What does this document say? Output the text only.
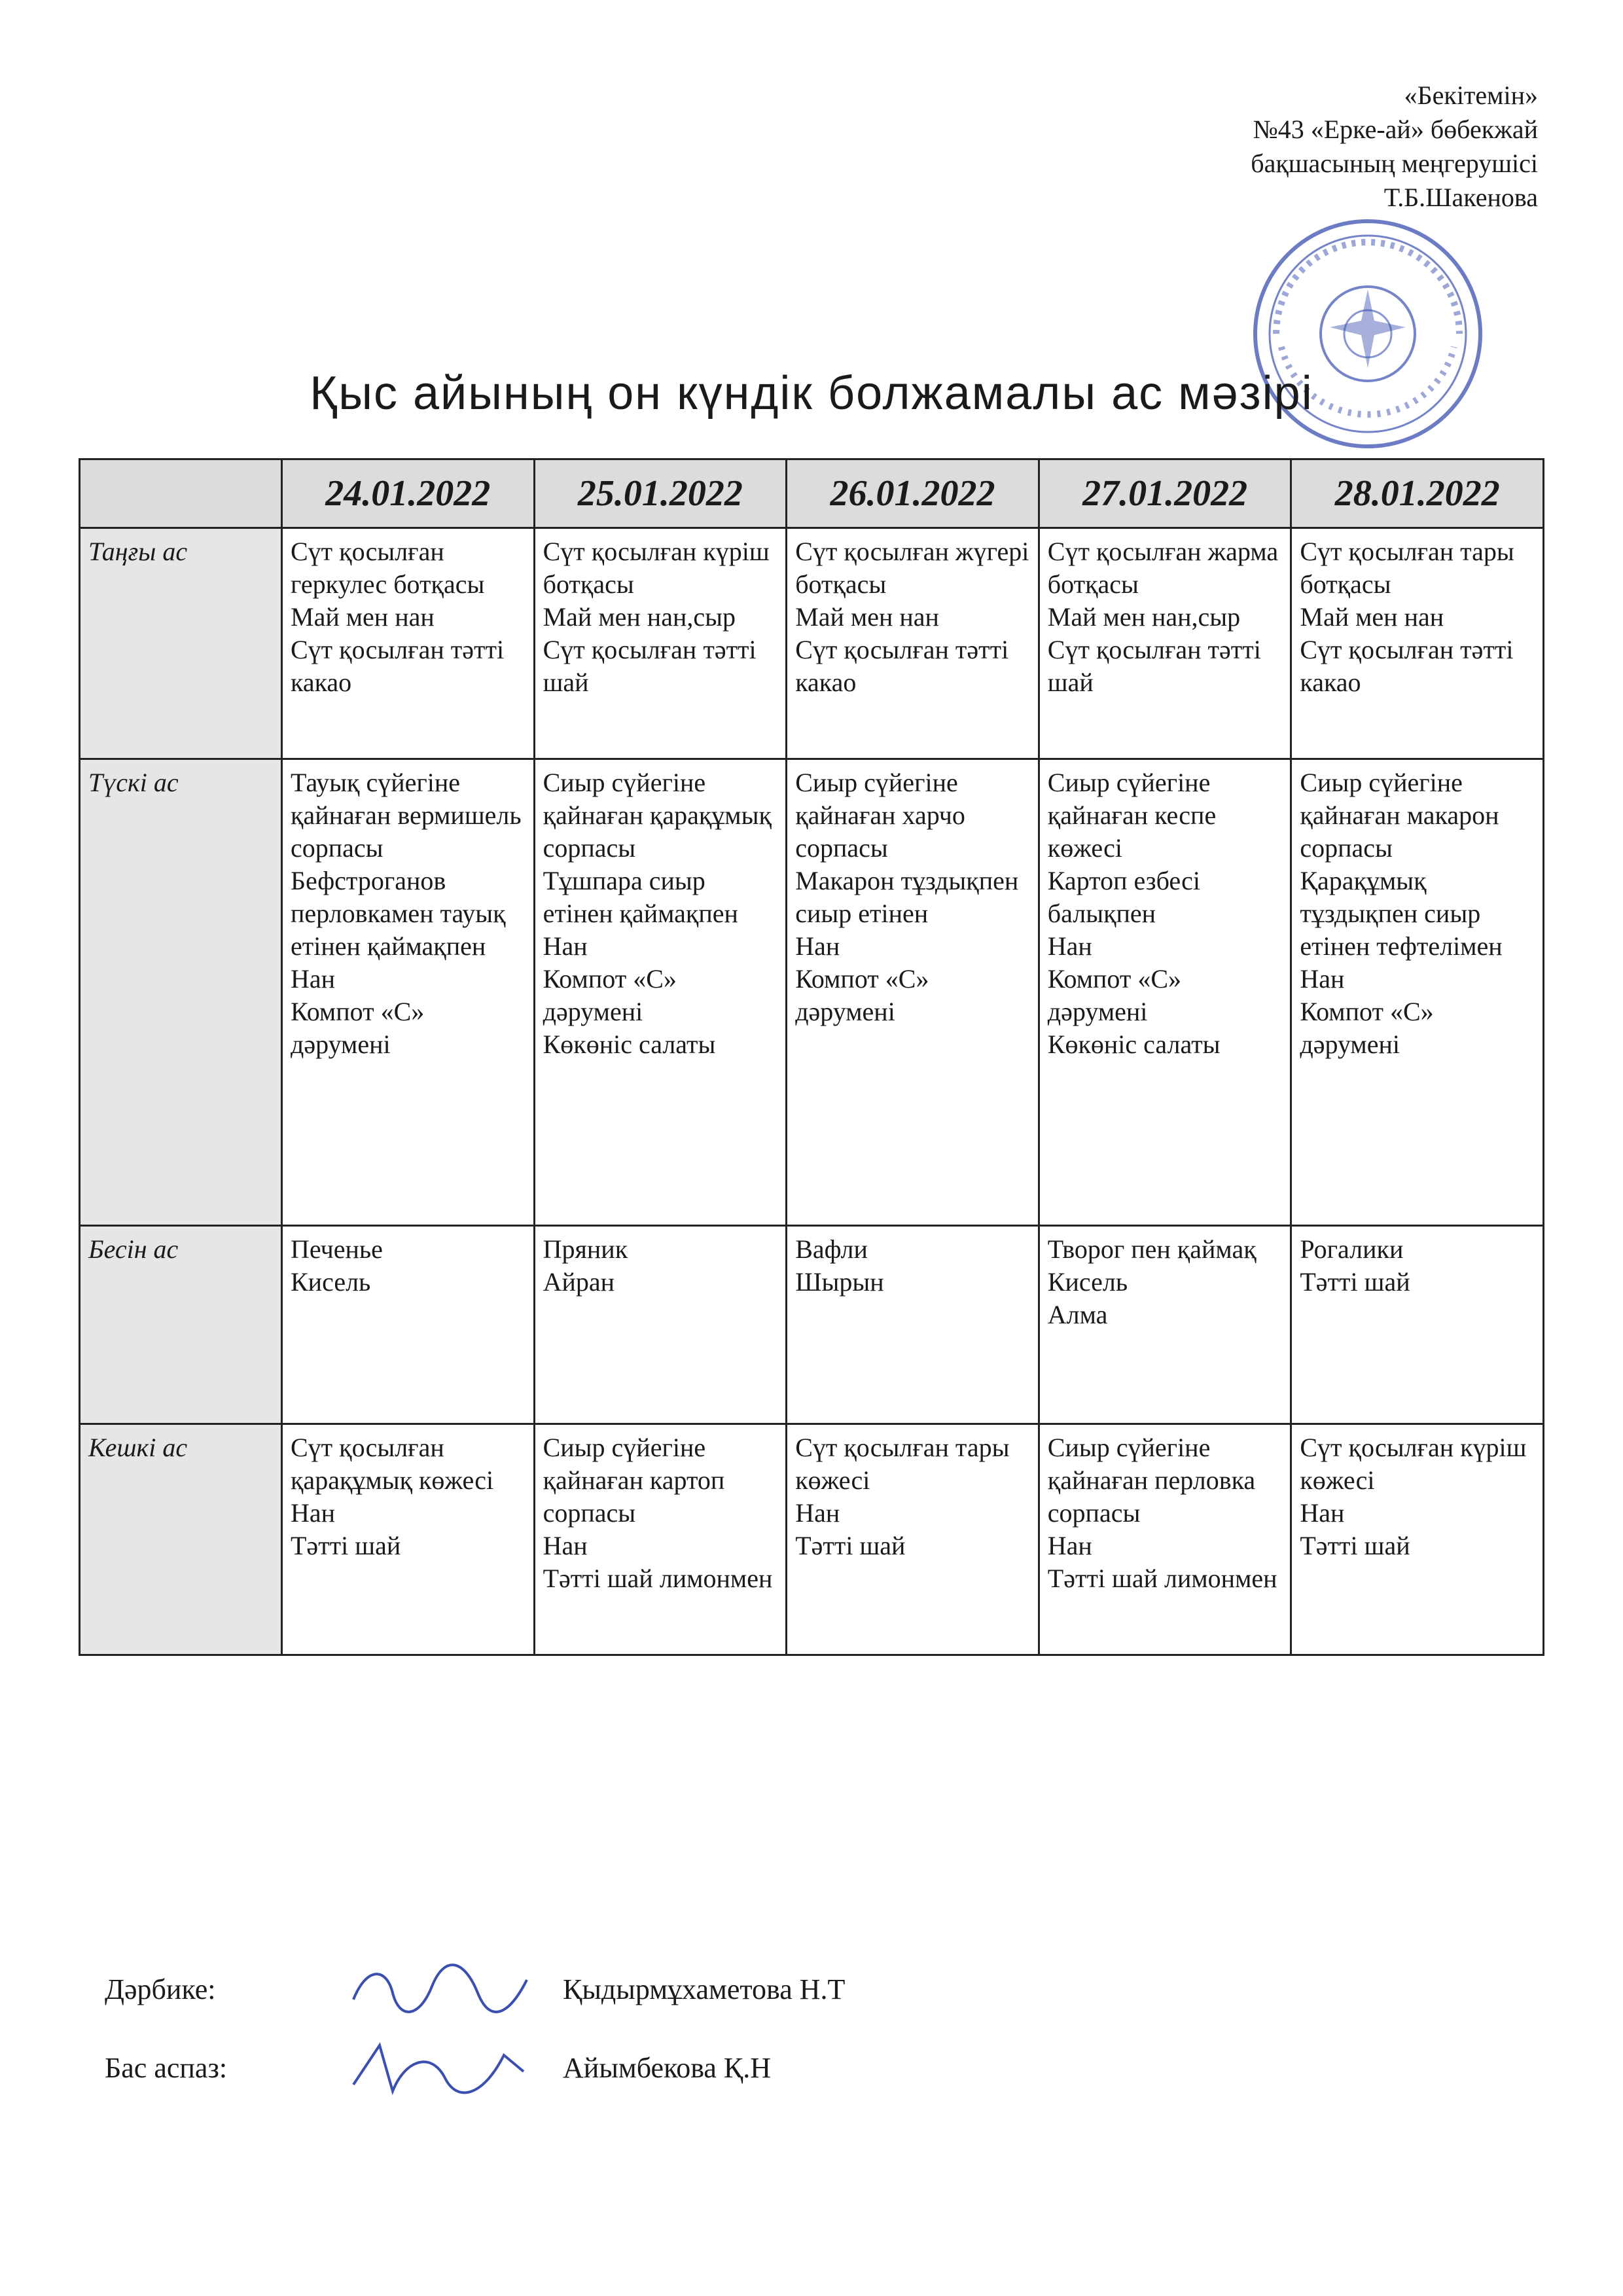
«Бекітемін»
№43 «Ерке-ай» бөбекжай
бақшасының меңгерушісі
Т.Б.Шакенова
Қыс айының он күндік болжамалы ас мәзірі
	24.01.2022	25.01.2022	26.01.2022	27.01.2022	28.01.2022
Таңғы ас	Сүт қосылған геркулес ботқасы
Май мен нан
Сүт қосылған тәтті какао	Сүт қосылған күріш ботқасы
Май мен нан,сыр
Сүт қосылған тәтті шай	Сүт қосылған жүгері ботқасы
Май мен нан
Сүт қосылған тәтті какао	Сүт қосылған жарма ботқасы
Май мен нан,сыр
Сүт қосылған тәтті шай	Сүт қосылған тары ботқасы
Май мен нан
Сүт қосылған тәтті какао

Түскі ас	Тауық сүйегіне қайнаған вермишель сорпасы
Бефстроганов перловкамен тауық етінен қаймақпен
Нан
Компот «С» дәрумені	Сиыр сүйегіне қайнаған қарақұмық сорпасы
Тұшпара сиыр етінен қаймақпен
Нан
Компот «С» дәрумені
Көкөніс салаты	Сиыр сүйегіне қайнаған харчо сорпасы
Макарон тұздықпен сиыр етінен
Нан
Компот «С» дәрумені	Сиыр сүйегіне қайнаған кеспе көжесі
Картоп езбесі балықпен
Нан
Компот «С» дәрумені
Көкөніс салаты	Сиыр сүйегіне қайнаған макарон сорпасы
Қарақұмық тұздықпен сиыр етінен тефтелімен
Нан
Компот «С» дәрумені

Бесін ас	Печенье
Кисель	Пряник
Айран	Вафли
Шырын	Творог пен қаймақ
Кисель
Алма	Рогалики
Тәтті шай

Кешкі ас	Сүт қосылған қарақұмық көжесі
Нан
Тәтті шай	Сиыр сүйегіне қайнаған картоп сорпасы
Нан
Тәтті шай лимонмен	Сүт қосылған тары көжесі
Нан
Тәтті шай	Сиыр сүйегіне қайнаған перловка сорпасы
Нан
Тәтті шай лимонмен	Сүт қосылған күріш көжесі
Нан
Тәтті шай
Дәрбике:	Қыдырмұхаметова Н.Т
Бас аспаз:	Айымбекова Қ.Н
